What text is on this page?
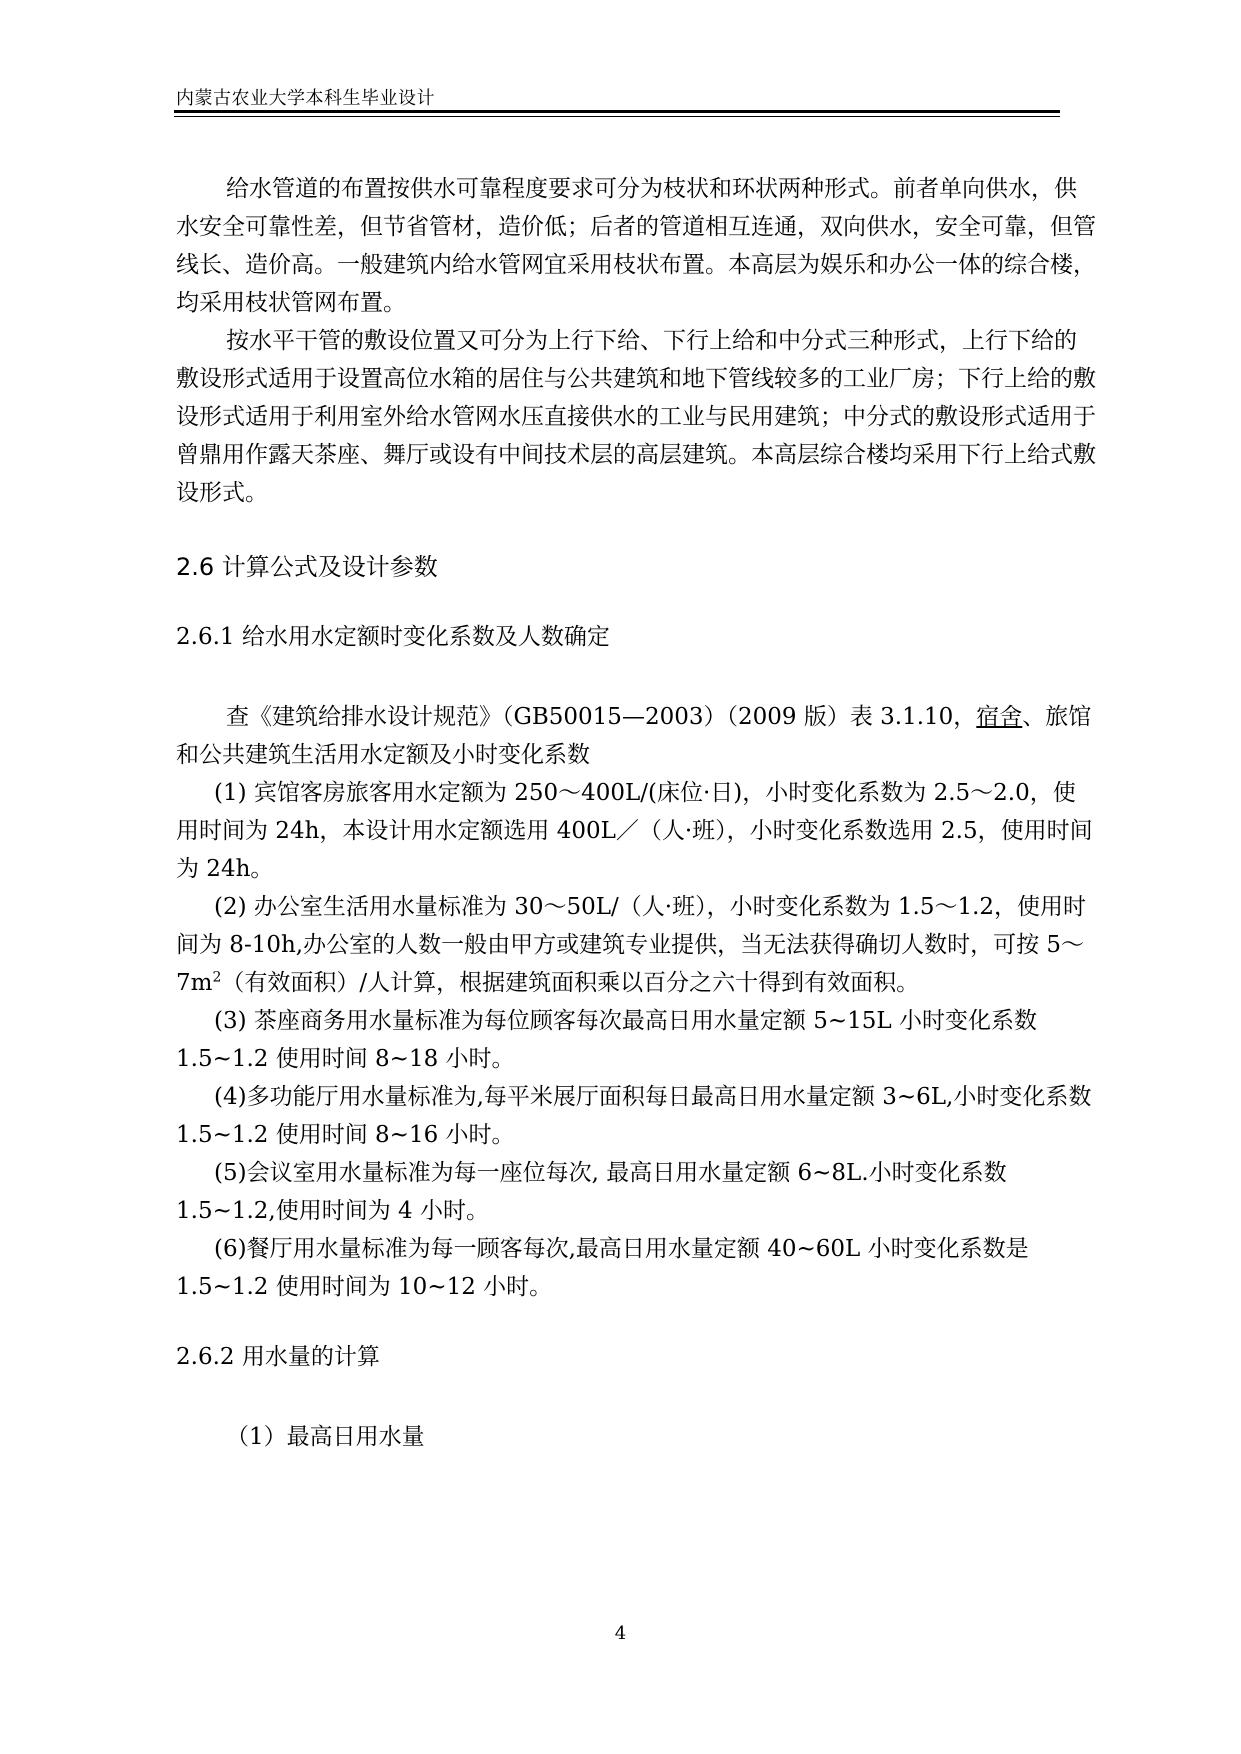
内蒙古农业大学本科生毕业设计

给水管道的布置按供水可靠程度要求可分为枝状和环状两种形式。前者单向供水，供水安全可靠性差，但节省管材，造价低；后者的管道相互连通，双向供水，安全可靠，但管线长、造价高。一般建筑内给水管网宜采用枝状布置。本高层为娱乐和办公一体的综合楼，均采用枝状管网布置。

按水平干管的敷设位置又可分为上行下给、下行上给和中分式三种形式，上行下给的敷设形式适用于设置高位水箱的居住与公共建筑和地下管线较多的工业厂房；下行上给的敷设形式适用于利用室外给水管网水压直接供水的工业与民用建筑；中分式的敷设形式适用于曾鼎用作露天茶座、舞厅或设有中间技术层的高层建筑。本高层综合楼均采用下行上给式敷设形式。

2.6 计算公式及设计参数

2.6.1 给水用水定额时变化系数及人数确定

查《建筑给排水设计规范》（GB50015—2003）（2009 版）表 3.1.10，宿舍、旅馆和公共建筑生活用水定额及小时变化系数

(1) 宾馆客房旅客用水定额为 250～400L/(床位·日)，小时变化系数为 2.5～2.0，使用时间为 24h，本设计用水定额选用 400L／（人·班），小时变化系数选用 2.5，使用时间为 24h。

(2) 办公室生活用水量标准为 30～50L/（人·班），小时变化系数为 1.5～1.2，使用时间为 8-10h,办公室的人数一般由甲方或建筑专业提供，当无法获得确切人数时，可按 $5\sim 7m^2$（有效面积）/人计算，根据建筑面积乘以百分之六十得到有效面积。

(3) 茶座商务用水量标准为每位顾客每次最高日用水量定额 5~15L 小时变化系数 1.5~1.2 使用时间 8~18 小时。

(4)多功能厅用水量标准为,每平米展厅面积每日最高日用水量定额 3~6L,小时变化系数 1.5~1.2 使用时间 8~16 小时。

(5)会议室用水量标准为每一座位每次, 最高日用水量定额 6~8L.小时变化系数 1.5~1.2,使用时间为 4 小时。

(6)餐厅用水量标准为每一顾客每次,最高日用水量定额 40~60L 小时变化系数是 1.5~1.2 使用时间为 10~12 小时。

2.6.2 用水量的计算

（1）最高日用水量

4
